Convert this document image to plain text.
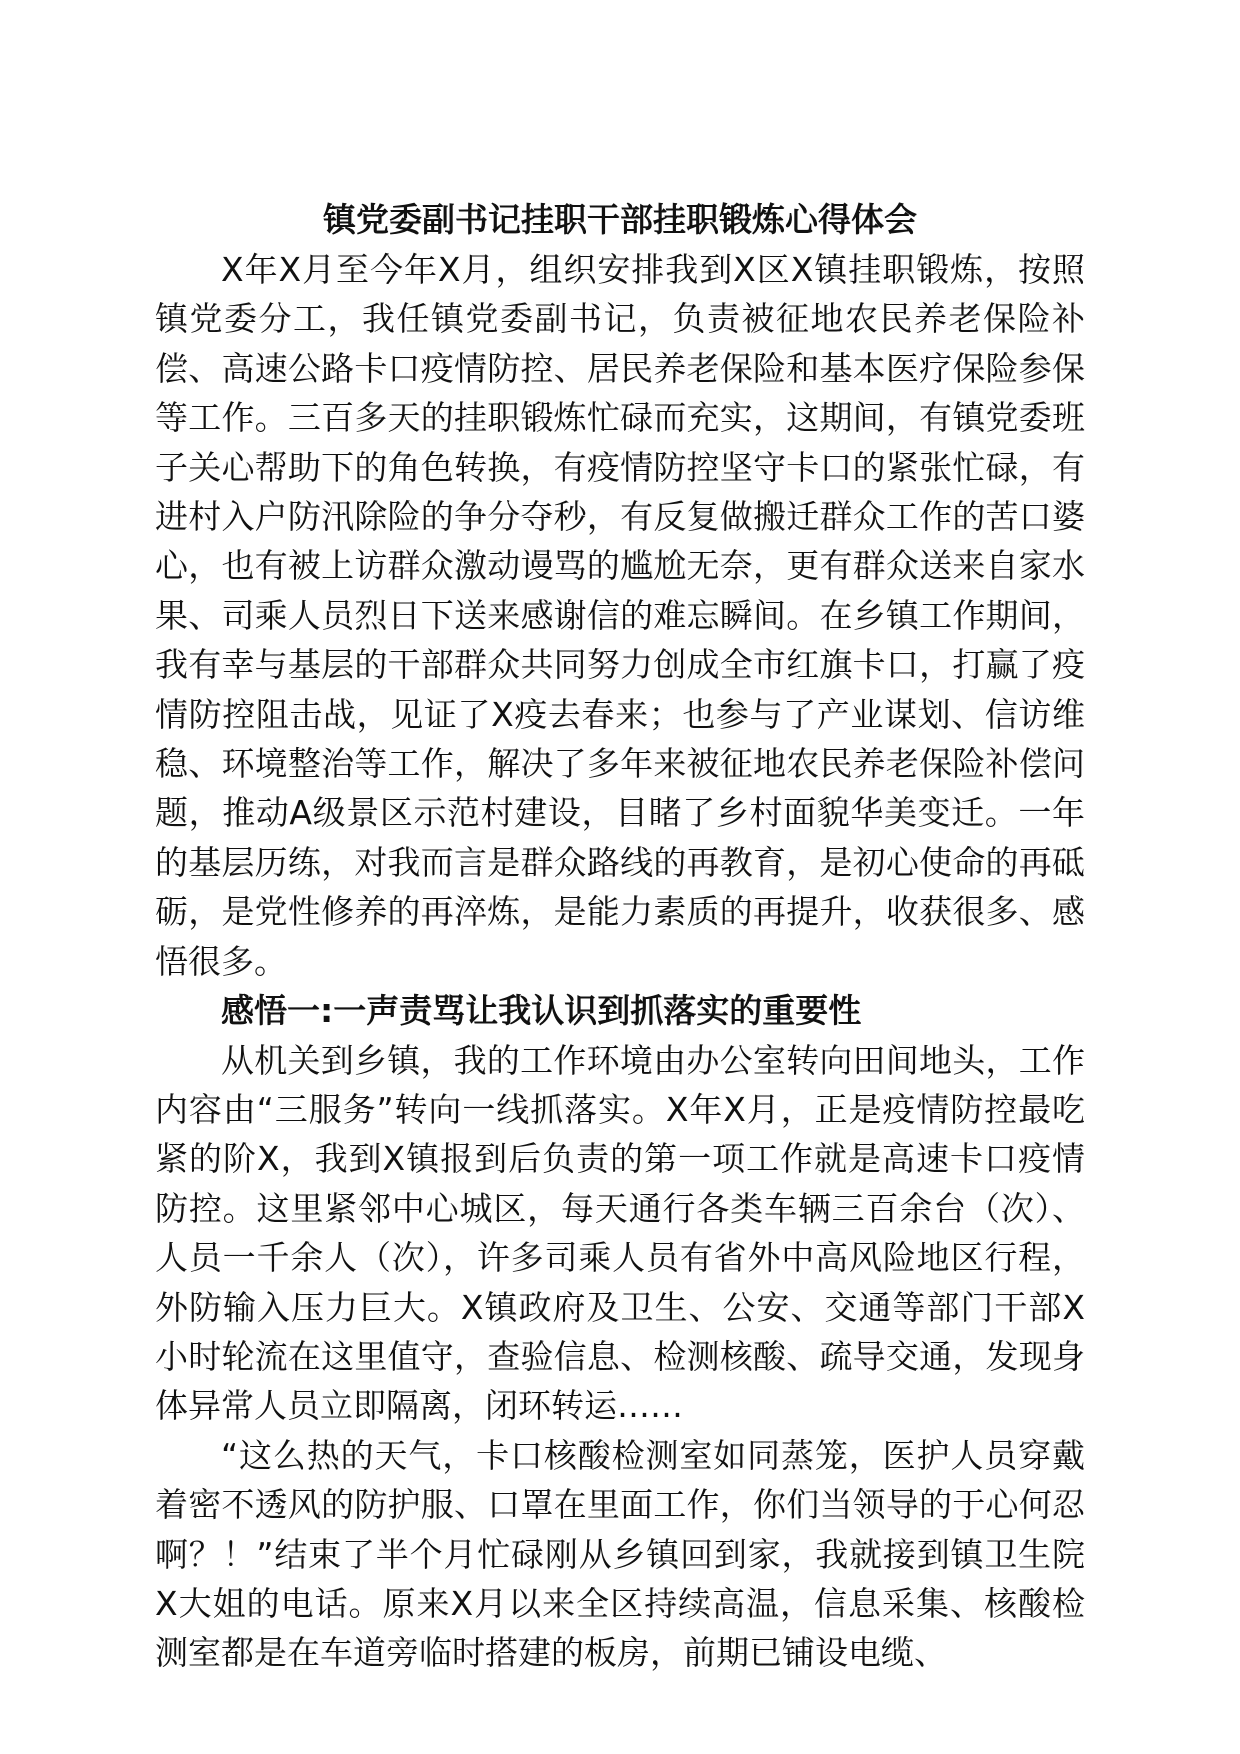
镇党委副书记挂职干部挂职锻炼心得体会

X年X月至今年X月，组织安排我到X区X镇挂职锻炼，按照镇党委分工，我任镇党委副书记，负责被征地农民养老保险补偿、高速公路卡口疫情防控、居民养老保险和基本医疗保险参保等工作。三百多天的挂职锻炼忙碌而充实，这期间，有镇党委班子关心帮助下的角色转换，有疫情防控坚守卡口的紧张忙碌，有进村入户防汛除险的争分夺秒，有反复做搬迁群众工作的苦口婆心，也有被上访群众激动谩骂的尴尬无奈，更有群众送来自家水果、司乘人员烈日下送来感谢信的难忘瞬间。在乡镇工作期间，我有幸与基层的干部群众共同努力创成全市红旗卡口，打赢了疫情防控阻击战，见证了X疫去春来；也参与了产业谋划、信访维稳、环境整治等工作，解决了多年来被征地农民养老保险补偿问题，推动A级景区示范村建设，目睹了乡村面貌华美变迁。一年的基层历练，对我而言是群众路线的再教育，是初心使命的再砥砺，是党性修养的再淬炼，是能力素质的再提升，收获很多、感悟很多。

感悟一:一声责骂让我认识到抓落实的重要性

从机关到乡镇，我的工作环境由办公室转向田间地头，工作内容由“三服务”转向一线抓落实。X年X月，正是疫情防控最吃紧的阶X，我到X镇报到后负责的第一项工作就是高速卡口疫情防控。这里紧邻中心城区，每天通行各类车辆三百余台（次）、人员一千余人（次），许多司乘人员有省外中高风险地区行程，外防输入压力巨大。X镇政府及卫生、公安、交通等部门干部X小时轮流在这里值守，查验信息、检测核酸、疏导交通，发现身体异常人员立即隔离，闭环转运……

“这么热的天气，卡口核酸检测室如同蒸笼，医护人员穿戴着密不透风的防护服、口罩在里面工作，你们当领导的于心何忍啊？！”结束了半个月忙碌刚从乡镇回到家，我就接到镇卫生院X大姐的电话。原来X月以来全区持续高温，信息采集、核酸检测室都是在车道旁临时搭建的板房，前期已铺设电缆、
